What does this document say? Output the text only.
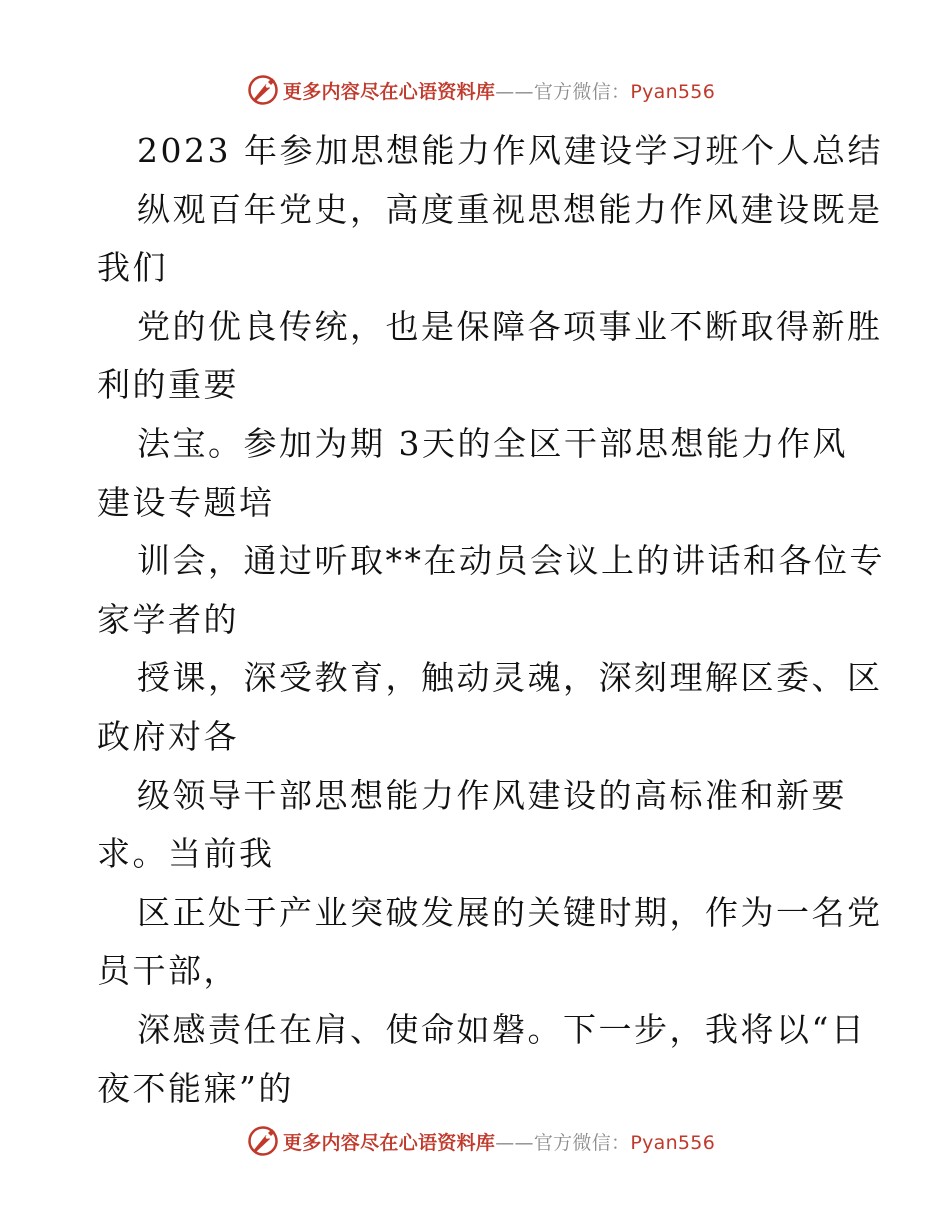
更多内容尽在心语资料库——官方微信：Pyan556
2023 年参加思想能力作风建设学习班个人总结
纵观百年党史，高度重视思想能力作风建设既是
我们
党的优良传统，也是保障各项事业不断取得新胜
利的重要
法宝。参加为期 3天的全区干部思想能力作风
建设专题培
训会，通过听取**在动员会议上的讲话和各位专
家学者的
授课，深受教育，触动灵魂，深刻理解区委、区
政府对各
级领导干部思想能力作风建设的高标准和新要
求。当前我
区正处于产业突破发展的关键时期，作为一名党
员干部，
深感责任在肩、使命如磐。下一步，我将以“日
夜不能寐”的
更多内容尽在心语资料库——官方微信：Pyan556
